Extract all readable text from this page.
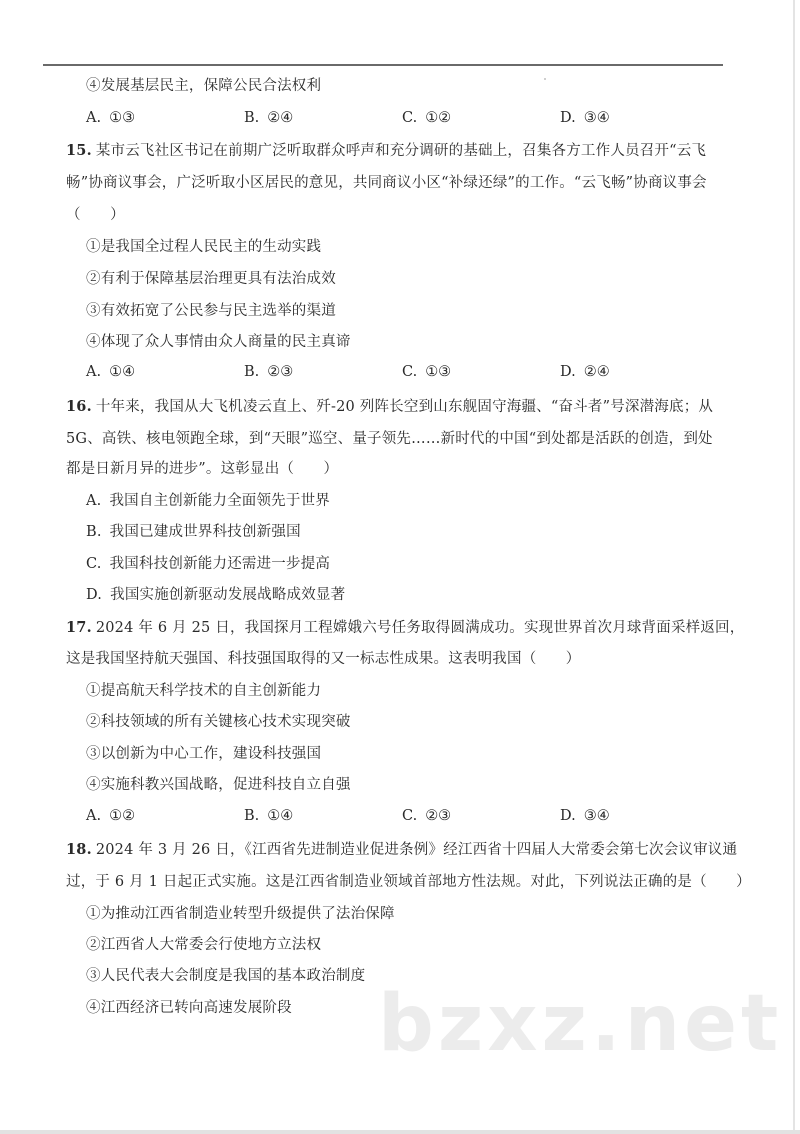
④发展基层民主，保障公民合法权利
A. ①③	B. ②④	C. ①②	D. ③④
15. 某市云飞社区书记在前期广泛听取群众呼声和充分调研的基础上，召集各方工作人员召开“云飞
畅”协商议事会，广泛听取小区居民的意见，共同商议小区“补绿还绿”的工作。“云飞畅”协商议事会
（　　）
①是我国全过程人民民主的生动实践
②有利于保障基层治理更具有法治成效
③有效拓宽了公民参与民主选举的渠道
④体现了众人事情由众人商量的民主真谛
A. ①④	B. ②③	C. ①③	D. ②④
16. 十年来，我国从大飞机凌云直上、歼-20 列阵长空到山东舰固守海疆、“奋斗者”号深潜海底；从
5G、高铁、核电领跑全球，到“天眼”巡空、量子领先……新时代的中国“到处都是活跃的创造，到处
都是日新月异的进步”。这彰显出（　　）
A. 我国自主创新能力全面领先于世界
B. 我国已建成世界科技创新强国
C. 我国科技创新能力还需进一步提高
D. 我国实施创新驱动发展战略成效显著
17. 2024 年 6 月 25 日，我国探月工程嫦娥六号任务取得圆满成功。实现世界首次月球背面采样返回，
这是我国坚持航天强国、科技强国取得的又一标志性成果。这表明我国（　　）
①提高航天科学技术的自主创新能力
②科技领域的所有关键核心技术实现突破
③以创新为中心工作，建设科技强国
④实施科教兴国战略，促进科技自立自强
A. ①②	B. ①④	C. ②③	D. ③④
18. 2024 年 3 月 26 日，《江西省先进制造业促进条例》经江西省十四届人大常委会第七次会议审议通
过，于 6 月 1 日起正式实施。这是江西省制造业领域首部地方性法规。对此，下列说法正确的是（　　）
①为推动江西省制造业转型升级提供了法治保障
②江西省人大常委会行使地方立法权
③人民代表大会制度是我国的基本政治制度
④江西经济已转向高速发展阶段 bzxz.net
